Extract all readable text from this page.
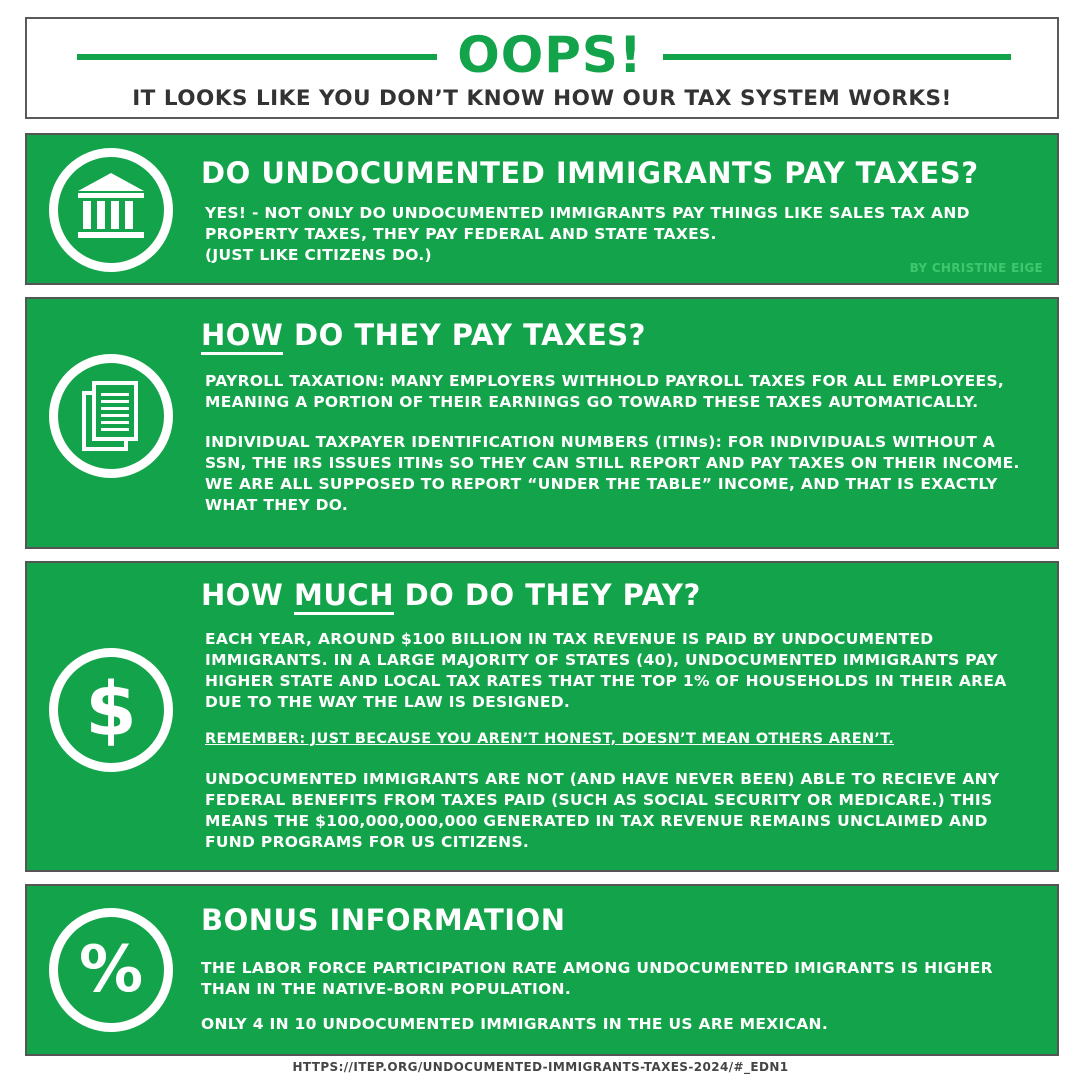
OOPS!
IT LOOKS LIKE YOU DON’T KNOW HOW OUR TAX SYSTEM WORKS!
DO UNDOCUMENTED IMMIGRANTS PAY TAXES?

YES! - NOT ONLY DO UNDOCUMENTED IMMIGRANTS PAY THINGS LIKE SALES TAX AND PROPERTY TAXES, THEY PAY FEDERAL AND STATE TAXES.

(JUST LIKE CITIZENS DO.)

BY CHRISTINE EIGE
HOW DO THEY PAY TAXES?

PAYROLL TAXATION: MANY EMPLOYERS WITHHOLD PAYROLL TAXES FOR ALL EMPLOYEES, MEANING A PORTION OF THEIR EARNINGS GO TOWARD THESE TAXES AUTOMATICALLY.

INDIVIDUAL TAXPAYER IDENTIFICATION NUMBERS (ITINs): FOR INDIVIDUALS WITHOUT A SSN, THE IRS ISSUES ITINs SO THEY CAN STILL REPORT AND PAY TAXES ON THEIR INCOME. WE ARE ALL SUPPOSED TO REPORT “UNDER THE TABLE” INCOME, AND THAT IS EXACTLY WHAT THEY DO.

$
HOW MUCH DO DO THEY PAY?

EACH YEAR, AROUND $100 BILLION IN TAX REVENUE IS PAID BY UNDOCUMENTED IMMIGRANTS. IN A LARGE MAJORITY OF STATES (40), UNDOCUMENTED IMMIGRANTS PAY HIGHER STATE AND LOCAL TAX RATES THAT THE TOP 1% OF HOUSEHOLDS IN THEIR AREA DUE TO THE WAY THE LAW IS DESIGNED.

REMEMBER: JUST BECAUSE YOU AREN’T HONEST, DOESN’T MEAN OTHERS AREN’T.

UNDOCUMENTED IMMIGRANTS ARE NOT (AND HAVE NEVER BEEN) ABLE TO RECIEVE ANY FEDERAL BENEFITS FROM TAXES PAID (SUCH AS SOCIAL SECURITY OR MEDICARE.) THIS MEANS THE $100,000,000,000 GENERATED IN TAX REVENUE REMAINS UNCLAIMED AND FUND PROGRAMS FOR US CITIZENS.

%
BONUS INFORMATION

THE LABOR FORCE PARTICIPATION RATE AMONG UNDOCUMENTED IMIGRANTS IS HIGHER THAN IN THE NATIVE-BORN POPULATION.

ONLY 4 IN 10 UNDOCUMENTED IMMIGRANTS IN THE US ARE MEXICAN.

HTTPS://ITEP.ORG/UNDOCUMENTED-IMMIGRANTS-TAXES-2024/#_EDN1
